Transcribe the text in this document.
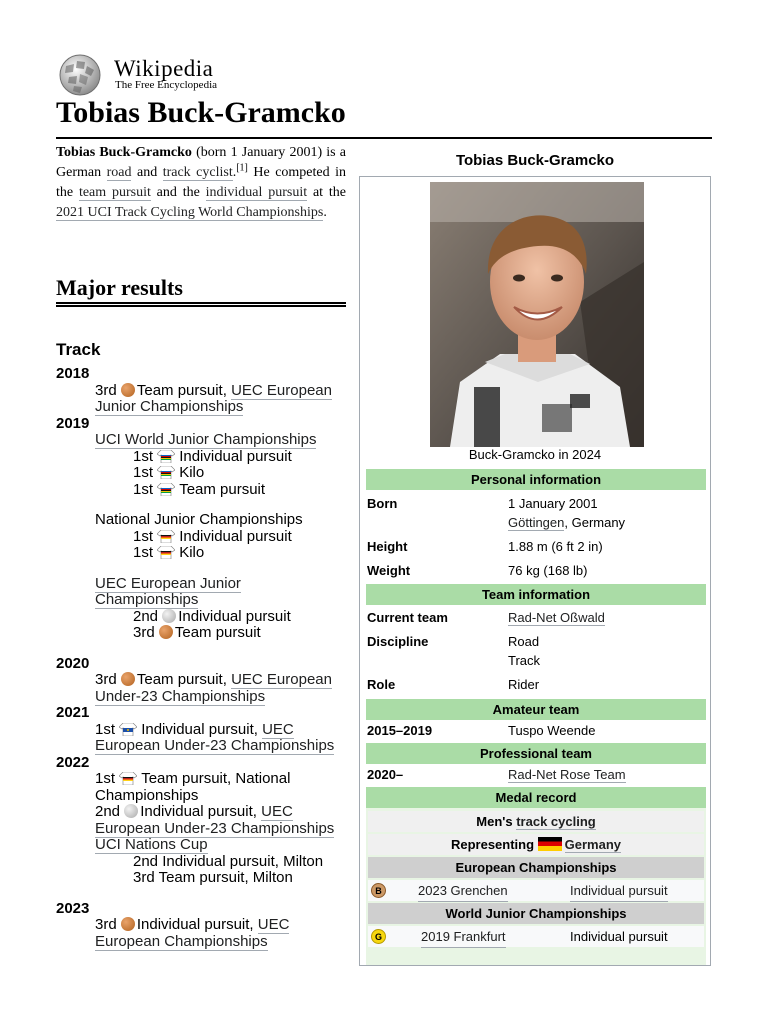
Wikipedia
The Free Encyclopedia
Tobias Buck-Gramcko
Tobias Buck-Gramcko (born 1 January 2001) is a German road and track cyclist.[1] He competed in the team pursuit and the individual pursuit at the 2021 UCI Track Cycling World Championships.
Major results
Track
2018
3rd Team pursuit, UEC European Junior Championships
2019
UCI World Junior Championships
1st Individual pursuit
1st Kilo
1st Team pursuit
National Junior Championships
1st Individual pursuit
1st Kilo
UEC European Junior Championships
2nd Individual pursuit
3rd Team pursuit
2020
3rd Team pursuit, UEC European Under-23 Championships
2021
1st Individual pursuit, UEC European Under-23 Championships
2022
1st Team pursuit, National Championships
2nd Individual pursuit, UEC European Under-23 Championships
UCI Nations Cup
2nd Individual pursuit, Milton
3rd Team pursuit, Milton
2023
3rd Individual pursuit, UEC European Championships
Tobias Buck-Gramcko
Buck-Gramcko in 2024
Personal information
Born	1 January 2001
Göttingen, Germany
Height	1.88 m (6 ft 2 in)
Weight	76 kg (168 lb)
Team information
Current team	Rad-Net Oßwald
Discipline	Road
Track
Role	Rider
Amateur team
2015–2019	Tuspo Weende
Professional team
2020–	Rad-Net Rose Team
Medal record
Men's track cycling
Representing Germany
European Championships
B	2023 Grenchen	Individual pursuit
World Junior Championships
G	2019 Frankfurt	Individual pursuit
